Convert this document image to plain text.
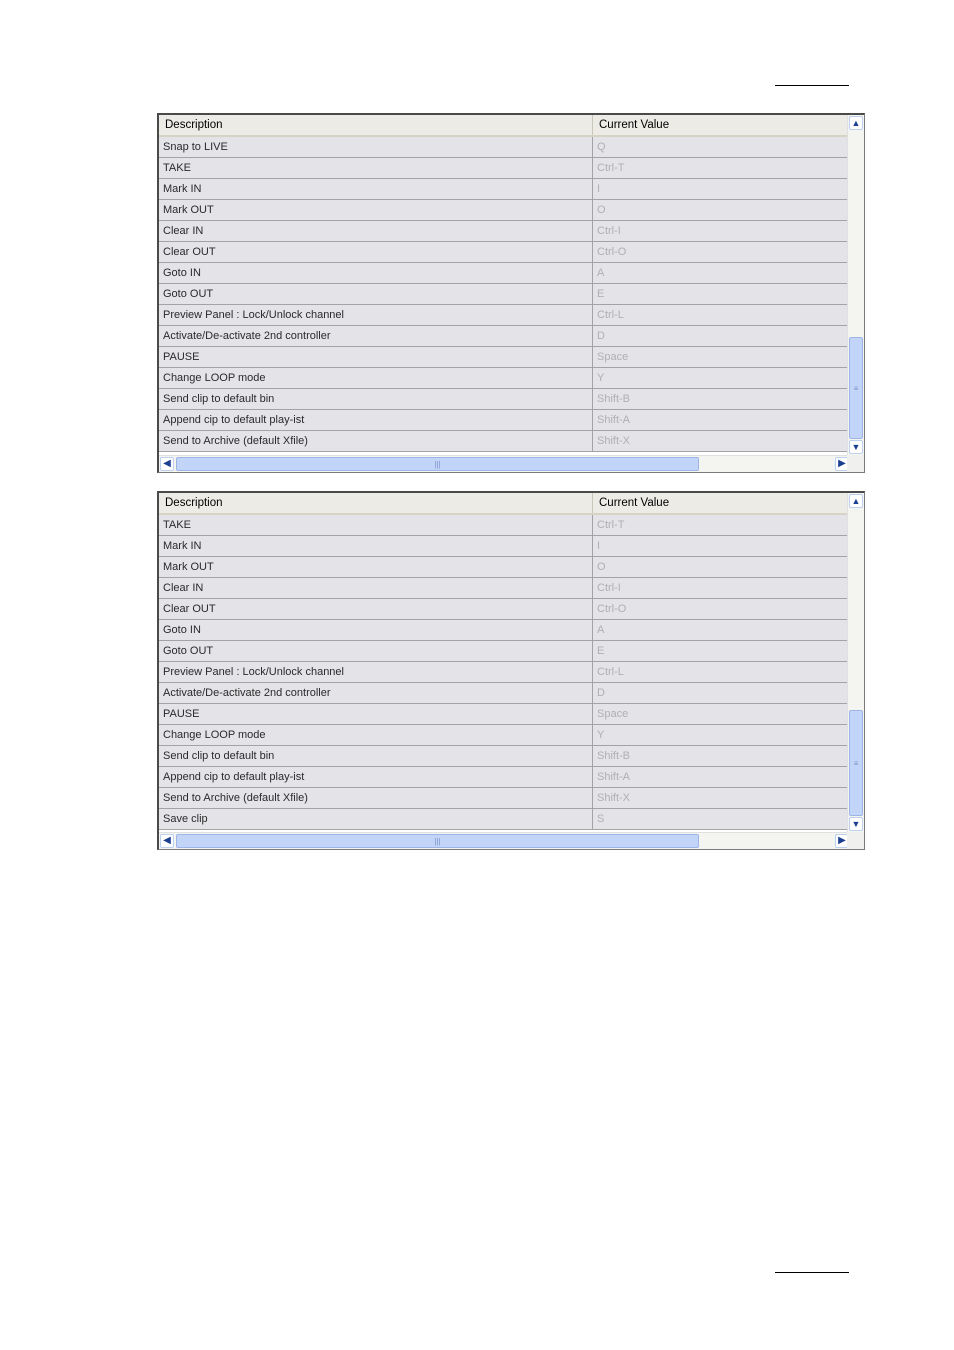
Description	Current Value
Snap to LIVE	Q
TAKE	Ctrl-T
Mark IN	I
Mark OUT	O
Clear IN	Ctrl-I
Clear OUT	Ctrl-O
Goto IN	A
Goto OUT	E
Preview Panel : Lock/Unlock channel	Ctrl-L
Activate/De-activate 2nd controller	D
PAUSE	Space
Change LOOP mode	Y
Send clip to default bin	Shift-B
Append cip to default play-ist	Shift-A
Send to Archive (default Xfile)	Shift-X
▲
≡
▼
◀	|||	▶
Description	Current Value
TAKE	Ctrl-T
Mark IN	I
Mark OUT	O
Clear IN	Ctrl-I
Clear OUT	Ctrl-O
Goto IN	A
Goto OUT	E
Preview Panel : Lock/Unlock channel	Ctrl-L
Activate/De-activate 2nd controller	D
PAUSE	Space
Change LOOP mode	Y
Send clip to default bin	Shift-B
Append cip to default play-ist	Shift-A
Send to Archive (default Xfile)	Shift-X
Save clip	S
▲
≡
▼
◀	|||	▶
